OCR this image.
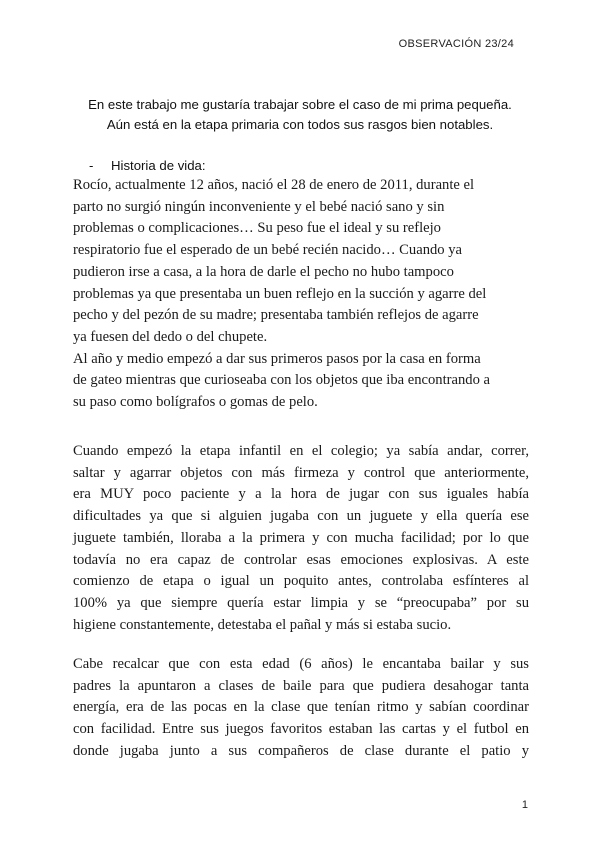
OBSERVACIÓN 23/24

En este trabajo me gustaría trabajar sobre el caso de mi prima pequeña.

Aún está en la etapa primaria con todos sus rasgos bien notables.

- Historia de vida:

Rocío, actualmente 12 años, nació el 28 de enero de 2011, durante el

parto no surgió ningún inconveniente y el bebé nació sano y sin

problemas o complicaciones… Su peso fue el ideal y su reflejo

respiratorio fue el esperado de un bebé recién nacido… Cuando ya

pudieron irse a casa, a la hora de darle el pecho no hubo tampoco

problemas ya que presentaba un buen reflejo en la succión y agarre del

pecho y del pezón de su madre; presentaba también reflejos de agarre

ya fuesen del dedo o del chupete.

Al año y medio empezó a dar sus primeros pasos por la casa en forma

de gateo mientras que curioseaba con los objetos que iba encontrando a

su paso como bolígrafos o gomas de pelo.

Cuando empezó la etapa infantil en el colegio; ya sabía andar, correr,

saltar y agarrar objetos con más firmeza y control que anteriormente,

era MUY poco paciente y a la hora de jugar con sus iguales había

dificultades ya que si alguien jugaba con un juguete y ella quería ese

juguete también, lloraba a la primera y con mucha facilidad; por lo que

todavía no era capaz de controlar esas emociones explosivas. A este

comienzo de etapa o igual un poquito antes, controlaba esfínteres al

100% ya que siempre quería estar limpia y se “preocupaba” por su

higiene constantemente, detestaba el pañal y más si estaba sucio.

Cabe recalcar que con esta edad (6 años) le encantaba bailar y sus

padres la apuntaron a clases de baile para que pudiera desahogar tanta

energía, era de las pocas en la clase que tenían ritmo y sabían coordinar

con facilidad. Entre sus juegos favoritos estaban las cartas y el futbol en

donde jugaba junto a sus compañeros de clase durante el patio y

1
